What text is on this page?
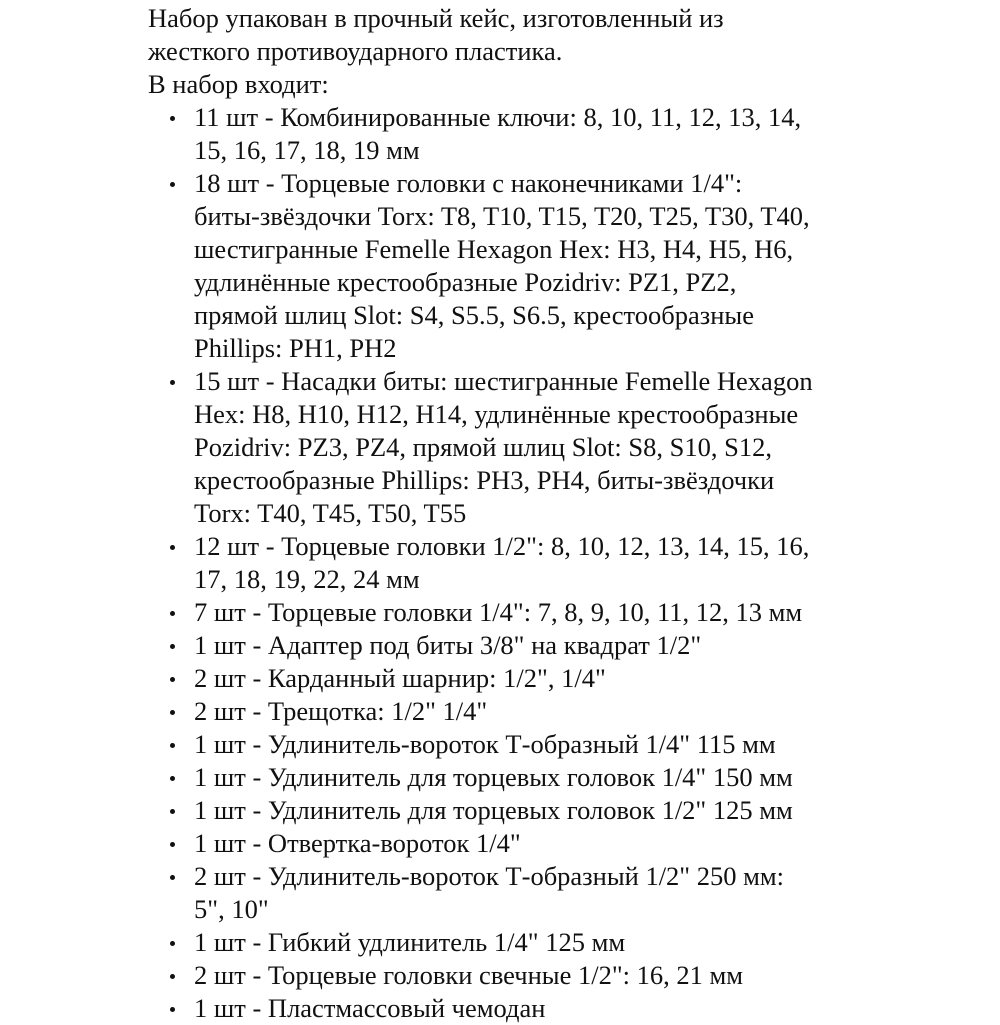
Набор упакован в прочный кейс, изготовленный из
жесткого противоударного пластика.
В набор входит:
11 шт - Комбинированные ключи: 8, 10, 11, 12, 13, 14,
15, 16, 17, 18, 19 мм
18 шт - Торцевые головки с наконечниками 1/4":
биты-звёздочки Torx: T8, T10, T15, T20, T25, T30, T40,
шестигранные Femelle Hexagon Hex: H3, H4, H5, H6,
удлинённые крестообразные Pozidriv: PZ1, PZ2,
прямой шлиц Slot: S4, S5.5, S6.5, крестообразные
Phillips: PH1, PH2
15 шт - Насадки биты: шестигранные Femelle Hexagon
Hex: H8, H10, H12, H14, удлинённые крестообразные
Pozidriv: PZ3, PZ4, прямой шлиц Slot: S8, S10, S12,
крестообразные Phillips: PH3, PH4, биты-звёздочки
Torx: T40, T45, T50, T55
12 шт - Торцевые головки 1/2": 8, 10, 12, 13, 14, 15, 16,
17, 18, 19, 22, 24 мм
7 шт - Торцевые головки 1/4": 7, 8, 9, 10, 11, 12, 13 мм
1 шт - Адаптер под биты 3/8" на квадрат 1/2"
2 шт - Карданный шарнир: 1/2", 1/4"
2 шт - Трещотка: 1/2" 1/4"
1 шт - Удлинитель-вороток Т-образный 1/4" 115 мм
1 шт - Удлинитель для торцевых головок 1/4" 150 мм
1 шт - Удлинитель для торцевых головок 1/2" 125 мм
1 шт - Отвертка-вороток 1/4"
2 шт - Удлинитель-вороток Т-образный 1/2" 250 мм:
5", 10"
1 шт - Гибкий удлинитель 1/4" 125 мм
2 шт - Торцевые головки свечные 1/2": 16, 21 мм
1 шт - Пластмассовый чемодан
